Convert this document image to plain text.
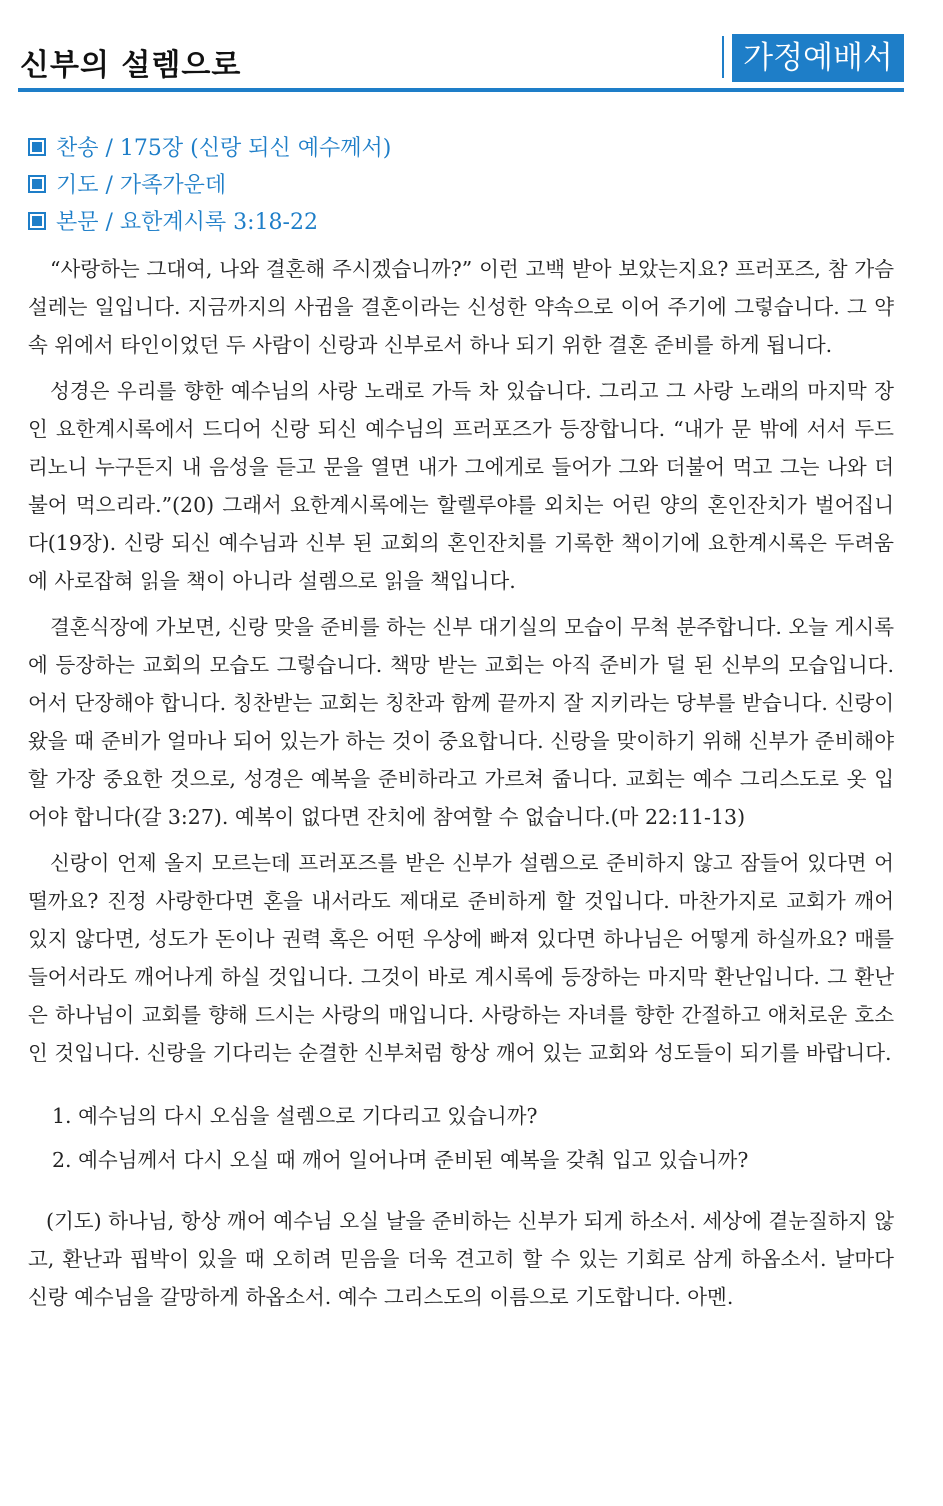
신부의 설렘으로	가정예배서
찬송 / 175장 (신랑 되신 예수께서)
기도 / 가족가운데
본문 / 요한계시록 3:18-22

“사랑하는 그대여, 나와 결혼해 주시겠습니까?” 이런 고백 받아 보았는지요? 프러포즈, 참 가슴 설레는 일입니다. 지금까지의 사귐을 결혼이라는 신성한 약속으로 이어 주기에 그렇습니다. 그 약속 위에서 타인이었던 두 사람이 신랑과 신부로서 하나 되기 위한 결혼 준비를 하게 됩니다.

성경은 우리를 향한 예수님의 사랑 노래로 가득 차 있습니다. 그리고 그 사랑 노래의 마지막 장인 요한계시록에서 드디어 신랑 되신 예수님의 프러포즈가 등장합니다. “내가 문 밖에 서서 두드리노니 누구든지 내 음성을 듣고 문을 열면 내가 그에게로 들어가 그와 더불어 먹고 그는 나와 더불어 먹으리라.”(20) 그래서 요한계시록에는 할렐루야를 외치는 어린 양의 혼인잔치가 벌어집니다(19장). 신랑 되신 예수님과 신부 된 교회의 혼인잔치를 기록한 책이기에 요한계시록은 두려움에 사로잡혀 읽을 책이 아니라 설렘으로 읽을 책입니다.

결혼식장에 가보면, 신랑 맞을 준비를 하는 신부 대기실의 모습이 무척 분주합니다. 오늘 게시록에 등장하는 교회의 모습도 그렇습니다. 책망 받는 교회는 아직 준비가 덜 된 신부의 모습입니다. 어서 단장해야 합니다. 칭찬받는 교회는 칭찬과 함께 끝까지 잘 지키라는 당부를 받습니다. 신랑이 왔을 때 준비가 얼마나 되어 있는가 하는 것이 중요합니다. 신랑을 맞이하기 위해 신부가 준비해야 할 가장 중요한 것으로, 성경은 예복을 준비하라고 가르쳐 줍니다. 교회는 예수 그리스도로 옷 입어야 합니다(갈 3:27). 예복이 없다면 잔치에 참여할 수 없습니다.(마 22:11-13)

신랑이 언제 올지 모르는데 프러포즈를 받은 신부가 설렘으로 준비하지 않고 잠들어 있다면 어떨까요? 진정 사랑한다면 혼을 내서라도 제대로 준비하게 할 것입니다. 마찬가지로 교회가 깨어 있지 않다면, 성도가 돈이나 권력 혹은 어떤 우상에 빠져 있다면 하나님은 어떻게 하실까요? 매를 들어서라도 깨어나게 하실 것입니다. 그것이 바로 계시록에 등장하는 마지막 환난입니다. 그 환난은 하나님이 교회를 향해 드시는 사랑의 매입니다. 사랑하는 자녀를 향한 간절하고 애처로운 호소인 것입니다. 신랑을 기다리는 순결한 신부처럼 항상 깨어 있는 교회와 성도들이 되기를 바랍니다.

1. 예수님의 다시 오심을 설렘으로 기다리고 있습니까?
2. 예수님께서 다시 오실 때 깨어 일어나며 준비된 예복을 갖춰 입고 있습니까?

(기도) 하나님, 항상 깨어 예수님 오실 날을 준비하는 신부가 되게 하소서. 세상에 곁눈질하지 않고, 환난과 핍박이 있을 때 오히려 믿음을 더욱 견고히 할 수 있는 기회로 삼게 하옵소서. 날마다 신랑 예수님을 갈망하게 하옵소서. 예수 그리스도의 이름으로 기도합니다. 아멘.
